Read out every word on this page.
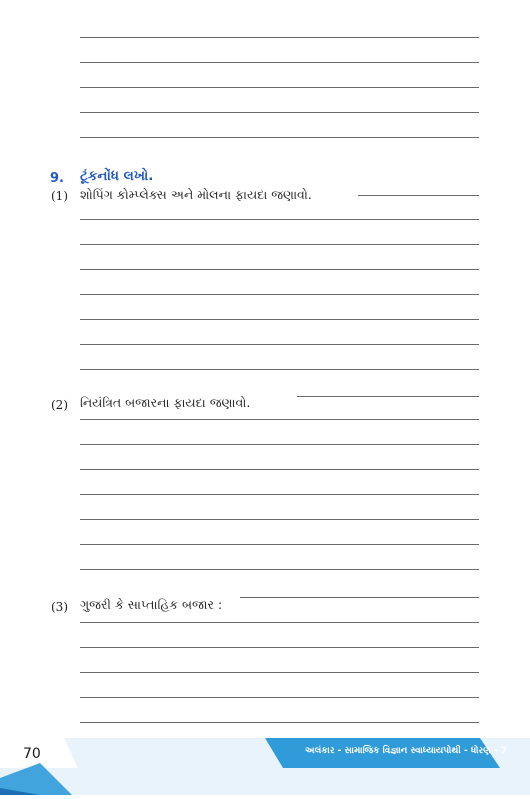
9. ટૂંકનોંધ લખો.
(1) શોપિંગ કોમ્પ્લેક્સ અને મોલના ફાયદા જણાવો.
(2) નિયંત્રિત બજારના ફાયદા જણાવો.
(3) ગુજરી કે સાપ્તાહિક બજાર :
70	અલંકાર - સામાજિક વિજ્ઞાન સ્વાધ્યાયપોથી - ધોરણ - 7
